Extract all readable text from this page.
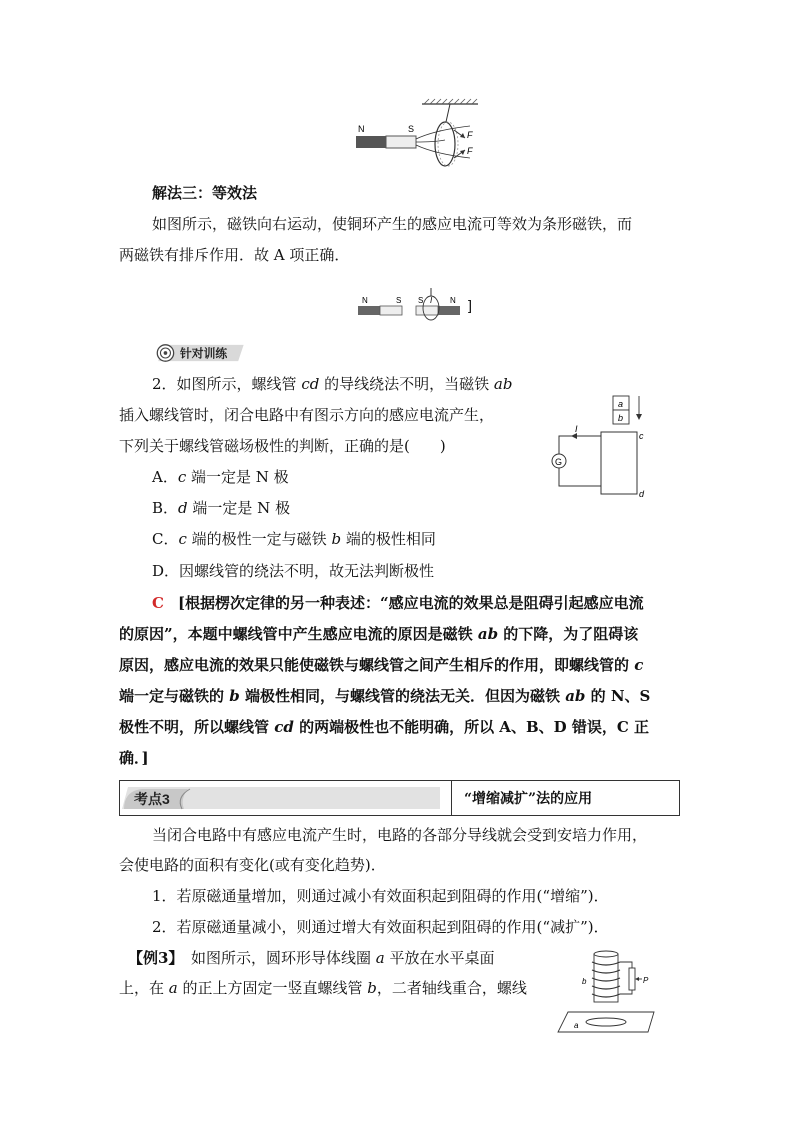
N	S
F
F
解法三：等效法
如图所示，磁铁向右运动，使铜环产生的感应电流可等效为条形磁铁，而
两磁铁有排斥作用．故 A 项正确．
N	S S I N ]
针对训练
2．如图所示，螺线管 cd 的导线绕法不明，当磁铁 ab
插入螺线管时，闭合电路中有图示方向的感应电流产生，
下列关于螺线管磁场极性的判断，正确的是(　　)
A．c 端一定是 N 极
B．d 端一定是 N 极
C．c 端的极性一定与磁铁 b 端的极性相同
D．因螺线管的绕法不明，故无法判断极性
a
b
G
I
c
d
C [根据楞次定律的另一种表述：“感应电流的效果总是阻碍引起感应电流
的原因”，本题中螺线管中产生感应电流的原因是磁铁 ab 的下降，为了阻碍该
原因，感应电流的效果只能使磁铁与螺线管之间产生相斥的作用，即螺线管的 c
端一定与磁铁的 b 端极性相同，与螺线管的绕法无关．但因为磁铁 ab 的 N、S
极性不明，所以螺线管 cd 的两端极性也不能明确，所以 A、B、D 错误，C 正
确．]
考点3	“增缩减扩”法的应用
当闭合电路中有感应电流产生时，电路的各部分导线就会受到安培力作用，
会使电路的面积有变化(或有变化趋势)．
1．若原磁通量增加，则通过减小有效面积起到阻碍的作用(“增缩”)．
2．若原磁通量减小，则通过增大有效面积起到阻碍的作用(“减扩”)．
【例3】　如图所示，圆环形导体线圈 a 平放在水平桌面
上，在 a 的正上方固定一竖直螺线管 b，二者轴线重合，螺线
a
P
b
